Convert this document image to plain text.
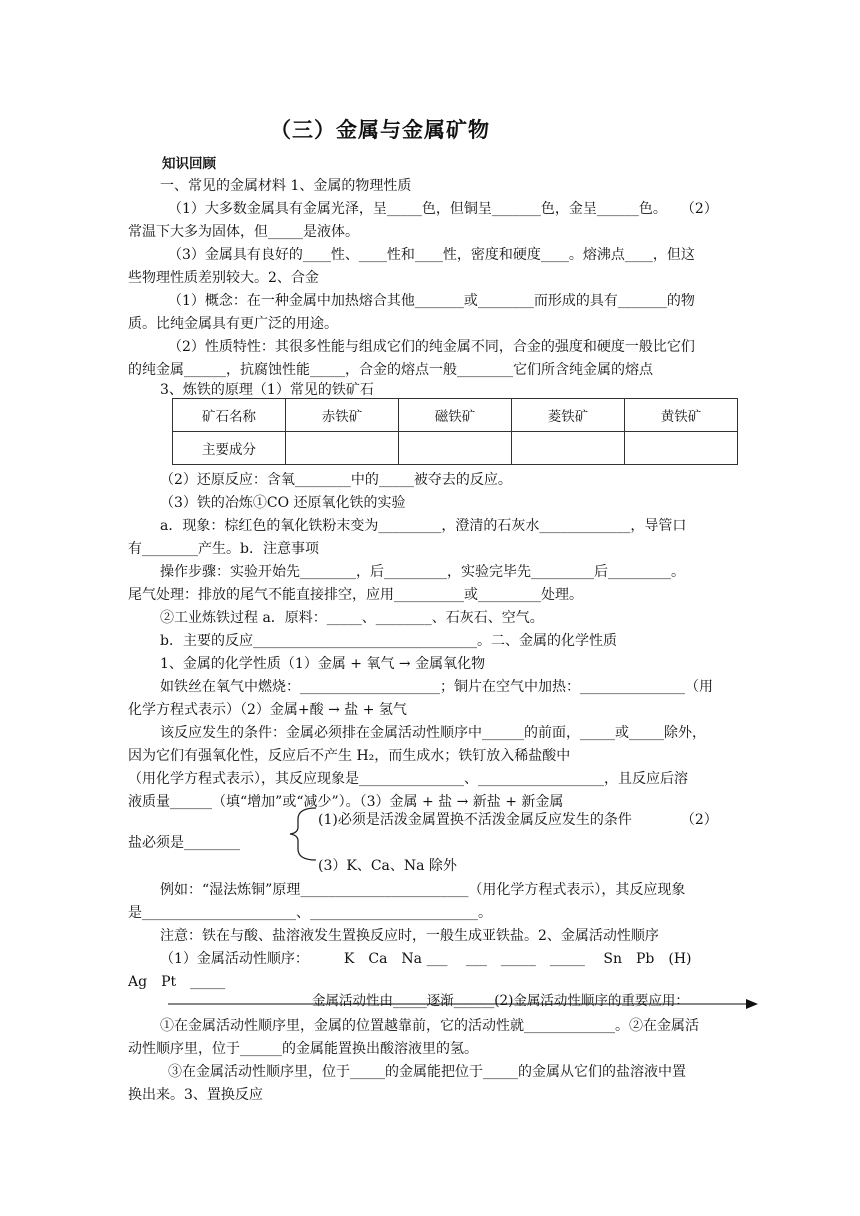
（三）金属与金属矿物
知识回顾
一、常见的金属材料 1、金属的物理性质
（1）大多数金属具有金属光泽，呈_____色，但铜呈_______色，金呈______色。　　（2）
常温下大多为固体，但_____是液体。
（3）金属具有良好的____性、____性和____性，密度和硬度____。熔沸点____，但这
些物理性质差别较大。2、合金
（1）概念：在一种金属中加热熔合其他_______或________而形成的具有_______的物
质。比纯金属具有更广泛的用途。
（2）性质特性：其很多性能与组成它们的纯金属不同，合金的强度和硬度一般比它们
的纯金属______，抗腐蚀性能_____，合金的熔点一般________它们所含纯金属的熔点
3、炼铁的原理（1）常见的铁矿石
矿石名称	赤铁矿	磁铁矿	菱铁矿	黄铁矿
主要成分				
（2）还原反应：含氧________中的_____被夺去的反应。
（3）铁的冶炼①CO 还原氧化铁的实验
a．现象：棕红色的氧化铁粉末变为_________，澄清的石灰水_____________，导管口
有________产生。b．注意事项
操作步骤：实验开始先________，后_________，实验完毕先_________后_________。
尾气处理：排放的尾气不能直接排空，应用__________或_________处理。
②工业炼铁过程 a．原料：_____、________、石灰石、空气。
b．主要的反应________________________________。二、金属的化学性质
1、金属的化学性质（1）金属 + 氧气 → 金属氧化物
如铁丝在氧气中燃烧：____________________；铜片在空气中加热：_______________（用
化学方程式表示）（2）金属+酸 → 盐 + 氢气
该反应发生的条件：金属必须排在金属活动性顺序中______的前面，_____或_____除外，
因为它们有强氧化性，反应后不产生 H₂，而生成水；铁钉放入稀盐酸中
（用化学方程式表示），其反应现象是_______________、__________________，且反应后溶
液质量______（填“增加”或“减少”）。（3）金属 + 盐 → 新盐 + 新金属
(1)必须是活泼金属置换不活泼金属反应发生的条件　　　　（2）
盐必须是________
(3）K、Ca、Na 除外
例如：“湿法炼铜”原理________________________（用化学方程式表示），其反应现象
是______________________、________________________。
注意：铁在与酸、盐溶液发生置换反应时，一般生成亚铁盐。2、金属活动性顺序
（1）金属活动性顺序：　　　K　Ca　Na ___　 ___　_____　_____　 Sn　Pb　(H)
Ag　Pt　_____
金属活动性由_____逐渐______(2)金属活动性顺序的重要应用：
①在金属活动性顺序里，金属的位置越靠前，它的活动性就_____________。②在金属活
动性顺序里，位于______的金属能置换出酸溶液里的氢。
③在金属活动性顺序里，位于_____的金属能把位于_____的金属从它们的盐溶液中置
换出来。3、置换反应
